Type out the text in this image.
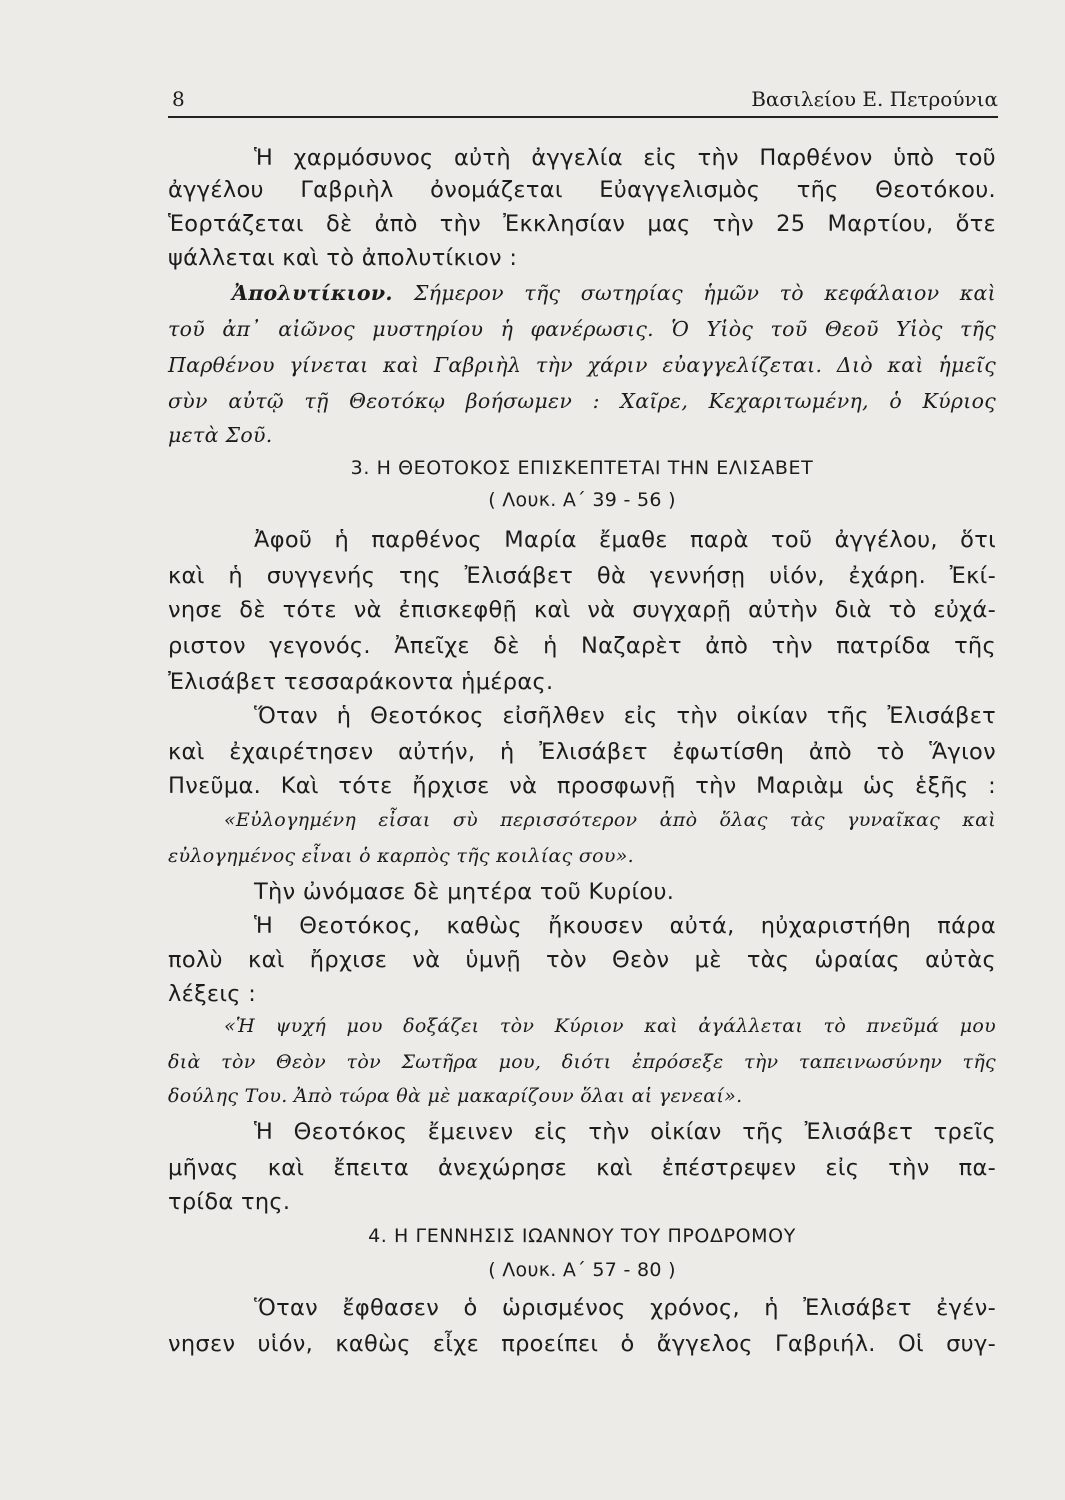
8	Βασιλείου Ε. Πετρούνια
Ἡ χαρμόσυνος αὐτὴ ἀγγελία εἰς τὴν Παρθένον ὑπὸ τοῦ
ἀγγέλου Γαβριὴλ ὀνομάζεται Εὐαγγελισμὸς τῆς Θεοτόκου.
Ἑορτάζεται δὲ ἀπὸ τὴν Ἐκκλησίαν μας τὴν 25 Μαρτίου, ὅτε
ψάλλεται καὶ τὸ ἀπολυτίκιον :
Ἀπολυτίκιον. Σήμερον τῆς σωτηρίας ἡμῶν τὸ κεφάλαιον καὶ
τοῦ ἀπ᾽ αἰῶνος μυστηρίου ἡ φανέρωσις. Ὁ Υἱὸς τοῦ Θεοῦ Υἱὸς τῆς
Παρθένου γίνεται καὶ Γαβριὴλ τὴν χάριν εὐαγγελίζεται. Διὸ καὶ ἡμεῖς
σὺν αὐτῷ τῇ Θεοτόκῳ βοήσωμεν : Χαῖρε, Κεχαριτωμένη, ὁ Κύριος
μετὰ Σοῦ.
3. Η ΘΕΟΤΟΚΟΣ ΕΠΙΣΚΕΠΤΕΤΑΙ ΤΗΝ ΕΛΙΣΑΒΕΤ
( Λουκ. Α΄ 39 - 56 )
Ἀφοῦ ἡ παρθένος Μαρία ἔμαθε παρὰ τοῦ ἀγγέλου, ὅτι
καὶ ἡ συγγενής της Ἐλισάβετ θὰ γεννήσῃ υἱόν, ἐχάρη. Ἐκί-
νησε δὲ τότε νὰ ἐπισκεφθῇ καὶ νὰ συγχαρῇ αὐτὴν διὰ τὸ εὐχά-
ριστον γεγονός. Ἀπεῖχε δὲ ἡ Ναζαρὲτ ἀπὸ τὴν πατρίδα τῆς
Ἐλισάβετ τεσσαράκοντα ἡμέρας.
Ὅταν ἡ Θεοτόκος εἰσῆλθεν εἰς τὴν οἰκίαν τῆς Ἐλισάβετ
καὶ ἐχαιρέτησεν αὐτήν, ἡ Ἐλισάβετ ἐφωτίσθη ἀπὸ τὸ Ἅγιον
Πνεῦμα. Καὶ τότε ἤρχισε νὰ προσφωνῇ τὴν Μαριὰμ ὡς ἑξῆς :
«Εὐλογημένη εἶσαι σὺ περισσότερον ἀπὸ ὅλας τὰς γυναῖκας καὶ
εὐλογημένος εἶναι ὁ καρπὸς τῆς κοιλίας σου».
Τὴν ὠνόμασε δὲ μητέρα τοῦ Κυρίου.
Ἡ Θεοτόκος, καθὼς ἤκουσεν αὐτά, ηὐχαριστήθη πάρα
πολὺ καὶ ἤρχισε νὰ ὑμνῇ τὸν Θεὸν μὲ τὰς ὡραίας αὐτὰς
λέξεις :
«Ἡ ψυχή μου δοξάζει τὸν Κύριον καὶ ἀγάλλεται τὸ πνεῦμά μου
διὰ τὸν Θεὸν τὸν Σωτῆρα μου, διότι ἐπρόσεξε τὴν ταπεινωσύνην τῆς
δούλης Του. Ἀπὸ τώρα θὰ μὲ μακαρίζουν ὅλαι αἱ γενεαί».
Ἡ Θεοτόκος ἔμεινεν εἰς τὴν οἰκίαν τῆς Ἐλισάβετ τρεῖς
μῆνας καὶ ἔπειτα ἀνεχώρησε καὶ ἐπέστρεψεν εἰς τὴν πα-
τρίδα της.
4. Η ΓΕΝΝΗΣΙΣ ΙΩΑΝΝΟΥ ΤΟΥ ΠΡΟΔΡΟΜΟΥ
( Λουκ. Α΄ 57 - 80 )
Ὅταν ἔφθασεν ὁ ὡρισμένος χρόνος, ἡ Ἐλισάβετ ἐγέν-
νησεν υἱόν, καθὼς εἶχε προείπει ὁ ἄγγελος Γαβριήλ. Οἱ συγ-
